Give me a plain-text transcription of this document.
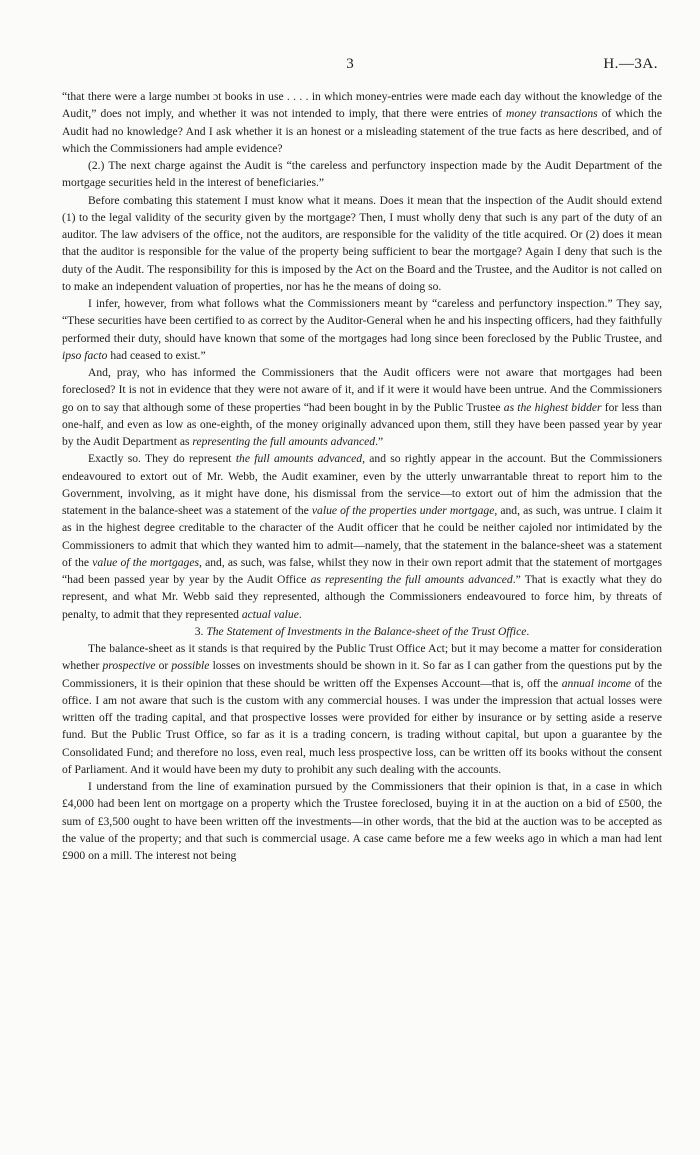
3	H.—3A.

“that there were a large numbeɪ ɔt books in use . . . . in which money-entries were made each day without the knowledge of the Audit,” does not imply, and whether it was not intended to imply, that there were entries of money transactions of which the Audit had no knowledge? And I ask whether it is an honest or a misleading statement of the true facts as here described, and of which the Commissioners had ample evidence?

(2.) The next charge against the Audit is “the careless and perfunctory inspection made by the Audit Department of the mortgage securities held in the interest of beneficiaries.”

Before combating this statement I must know what it means. Does it mean that the inspection of the Audit should extend (1) to the legal validity of the security given by the mortgage? Then, I must wholly deny that such is any part of the duty of an auditor. The law advisers of the office, not the auditors, are responsible for the validity of the title acquired. Or (2) does it mean that the auditor is responsible for the value of the property being sufficient to bear the mortgage? Again I deny that such is the duty of the Audit. The responsibility for this is imposed by the Act on the Board and the Trustee, and the Auditor is not called on to make an independent valuation of properties, nor has he the means of doing so.

I infer, however, from what follows what the Commissioners meant by “careless and perfunctory inspection.” They say, “These securities have been certified to as correct by the Auditor-General when he and his inspecting officers, had they faithfully performed their duty, should have known that some of the mortgages had long since been foreclosed by the Public Trustee, and ipso facto had ceased to exist.”

And, pray, who has informed the Commissioners that the Audit officers were not aware that mortgages had been foreclosed? It is not in evidence that they were not aware of it, and if it were it would have been untrue. And the Commissioners go on to say that although some of these properties “had been bought in by the Public Trustee as the highest bidder for less than one-half, and even as low as one-eighth, of the money originally advanced upon them, still they have been passed year by year by the Audit Department as representing the full amounts advanced.”

Exactly so. They do represent the full amounts advanced, and so rightly appear in the account. But the Commissioners endeavoured to extort out of Mr. Webb, the Audit examiner, even by the utterly unwarrantable threat to report him to the Government, involving, as it might have done, his dismissal from the service—to extort out of him the admission that the statement in the balance-sheet was a statement of the value of the properties under mortgage, and, as such, was untrue. I claim it as in the highest degree creditable to the character of the Audit officer that he could be neither cajoled nor intimidated by the Commissioners to admit that which they wanted him to admit—namely, that the statement in the balance-sheet was a statement of the value of the mortgages, and, as such, was false, whilst they now in their own report admit that the statement of mortgages “had been passed year by year by the Audit Office as representing the full amounts advanced.” That is exactly what they do represent, and what Mr. Webb said they represented, although the Commissioners endeavoured to force him, by threats of penalty, to admit that they represented actual value.

3. The Statement of Investments in the Balance-sheet of the Trust Office.

The balance-sheet as it stands is that required by the Public Trust Office Act; but it may become a matter for consideration whether prospective or possible losses on investments should be shown in it. So far as I can gather from the questions put by the Commissioners, it is their opinion that these should be written off the Expenses Account—that is, off the annual income of the office. I am not aware that such is the custom with any commercial houses. I was under the impression that actual losses were written off the trading capital, and that prospective losses were provided for either by insurance or by setting aside a reserve fund. But the Public Trust Office, so far as it is a trading concern, is trading without capital, but upon a guarantee by the Consolidated Fund; and therefore no loss, even real, much less prospective loss, can be written off its books without the consent of Parliament. And it would have been my duty to prohibit any such dealing with the accounts.

I understand from the line of examination pursued by the Commissioners that their opinion is that, in a case in which £4,000 had been lent on mortgage on a property which the Trustee foreclosed, buying it in at the auction on a bid of £500, the sum of £3,500 ought to have been written off the investments—in other words, that the bid at the auction was to be accepted as the value of the property; and that such is commercial usage. A case came before me a few weeks ago in which a man had lent £900 on a mill. The interest not being
